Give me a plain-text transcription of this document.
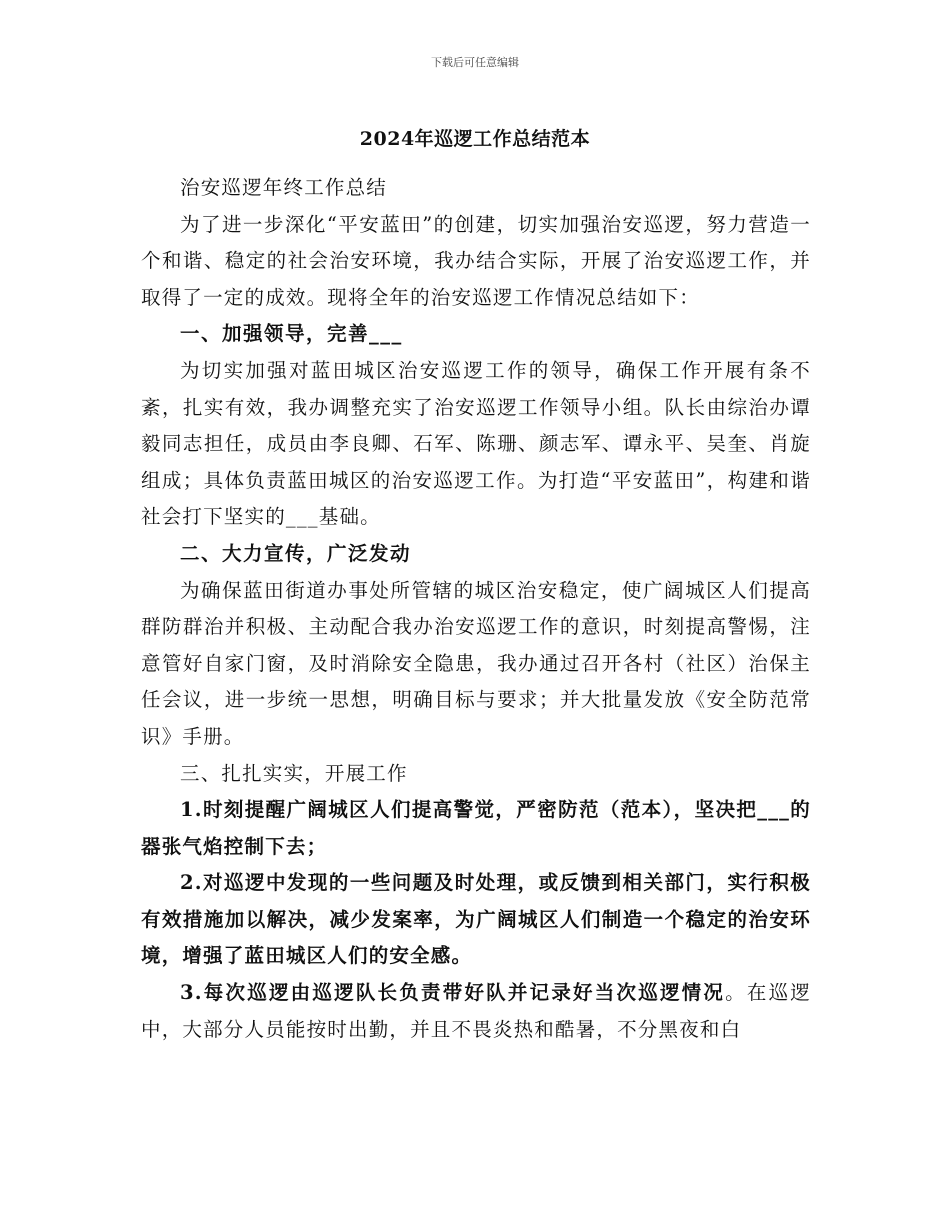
下载后可任意编辑
2024年巡逻工作总结范本

治安巡逻年终工作总结

为了进一步深化“平安蓝田”的创建，切实加强治安巡逻，努力营造一个和谐、稳定的社会治安环境，我办结合实际，开展了治安巡逻工作，并取得了一定的成效。现将全年的治安巡逻工作情况总结如下：

一、加强领导，完善___

为切实加强对蓝田城区治安巡逻工作的领导，确保工作开展有条不紊，扎实有效，我办调整充实了治安巡逻工作领导小组。队长由综治办谭毅同志担任，成员由李良卿、石军、陈珊、颜志军、谭永平、吴奎、肖旋组成；具体负责蓝田城区的治安巡逻工作。为打造“平安蓝田”，构建和谐社会打下坚实的___基础。

二、大力宣传，广泛发动

为确保蓝田街道办事处所管辖的城区治安稳定，使广阔城区人们提高群防群治并积极、主动配合我办治安巡逻工作的意识，时刻提高警惕，注意管好自家门窗，及时消除安全隐患，我办通过召开各村（社区）治保主任会议，进一步统一思想，明确目标与要求；并大批量发放《安全防范常识》手册。

三、扎扎实实，开展工作

1.时刻提醒广阔城区人们提高警觉，严密防范（范本），坚决把___的器张气焰控制下去；

2.对巡逻中发现的一些问题及时处理，或反馈到相关部门，实行积极有效措施加以解决，减少发案率，为广阔城区人们制造一个稳定的治安环境，增强了蓝田城区人们的安全感。

3.每次巡逻由巡逻队长负责带好队并记录好当次巡逻情况。在巡逻中，大部分人员能按时出勤，并且不畏炎热和酷暑，不分黑夜和白
